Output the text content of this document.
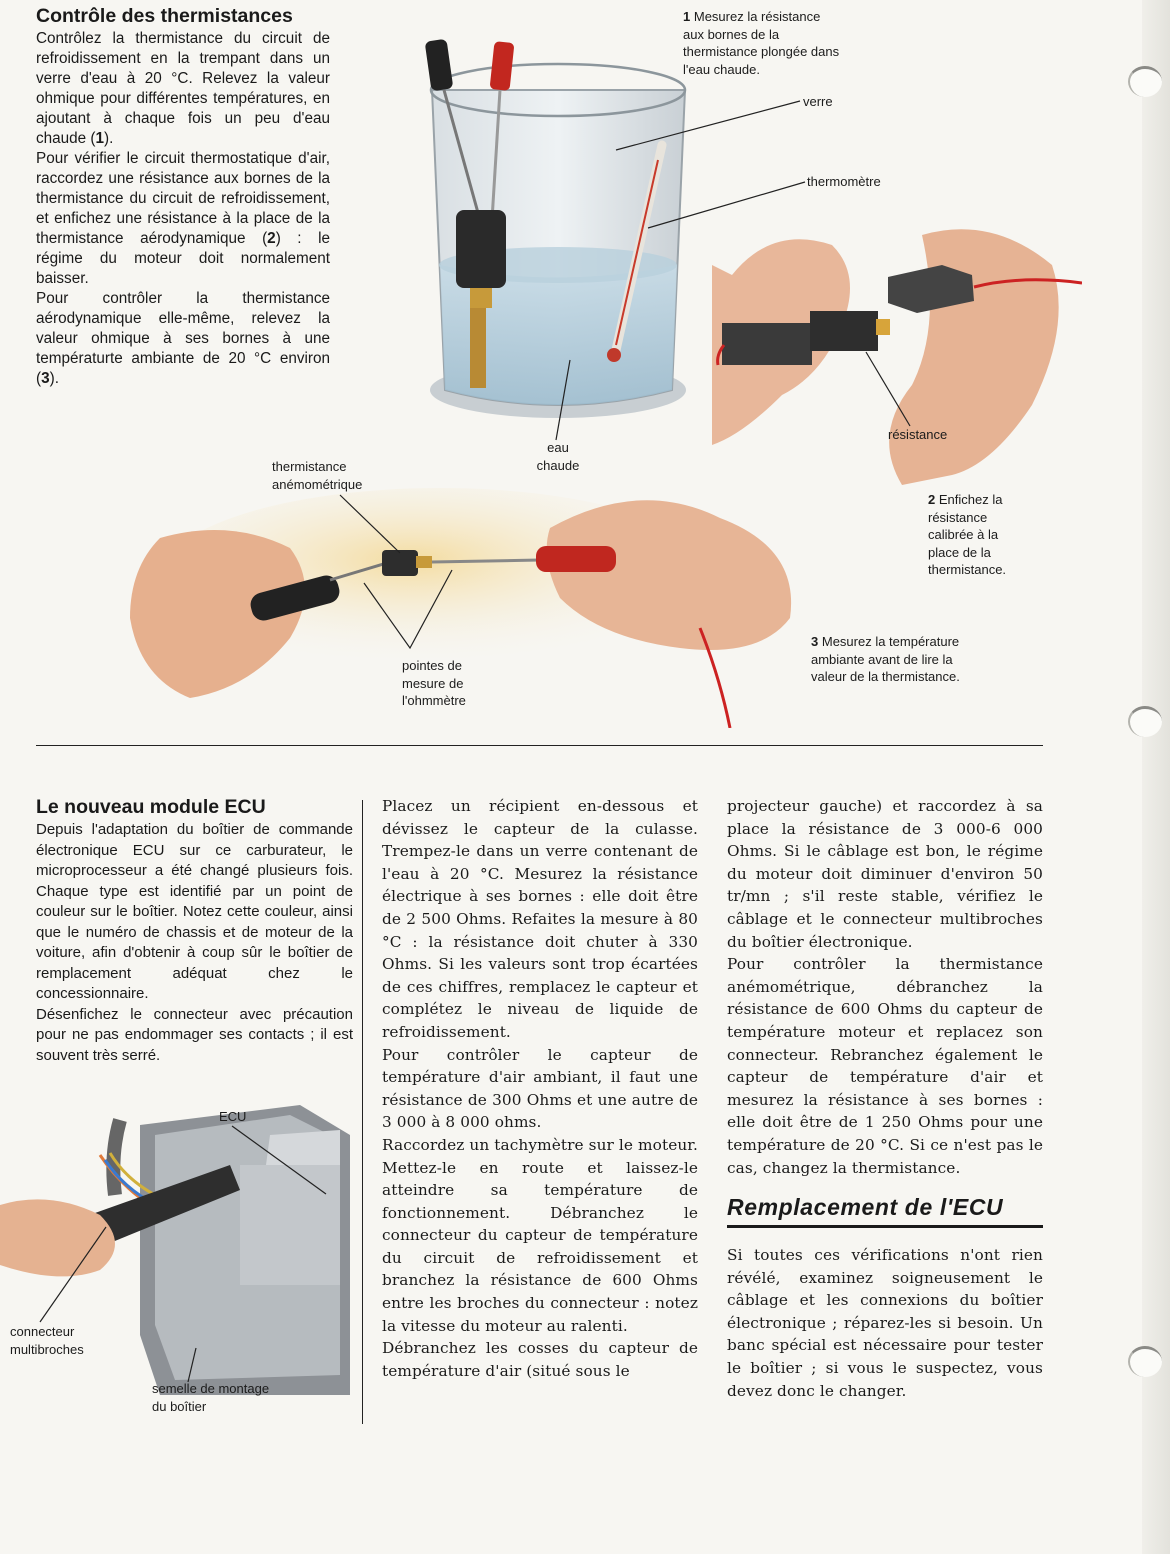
Contrôle des thermistances

Contrôlez la thermistance du circuit de refroidissement en la trempant dans un verre d'eau à 20 °C. Relevez la valeur ohmique pour différentes températures, en ajoutant à chaque fois un peu d'eau chaude (1).

Pour vérifier le circuit thermostatique d'air, raccordez une résistance aux bornes de la thermistance du circuit de refroidissement, et enfichez une résistance à la place de la thermistance aérodynamique (2) : le régime du moteur doit normalement baisser.

Pour contrôler la thermistance aérodynamique elle-même, relevez la valeur ohmique à ses bornes à une températurte ambiante de 20 °C environ (3).

1 Mesurez la résistance aux bornes de la thermistance plongée dans l'eau chaude.
verre
thermomètre
eau chaude
résistance
2 Enfichez la résistance calibrée à la place de la thermistance.
thermistance anémométrique
pointes de mesure de l'ohmmètre
3 Mesurez la température ambiante avant de lire la valeur de la thermistance.
Le nouveau module ECU

Depuis l'adaptation du boîtier de commande électronique ECU sur ce carburateur, le microprocesseur a été changé plusieurs fois. Chaque type est identifié par un point de couleur sur le boîtier. Notez cette couleur, ainsi que le numéro de chassis et de moteur de la voiture, afin d'obtenir à coup sûr le boîtier de remplacement adéquat chez le concessionnaire.

Désenfichez le connecteur avec précaution pour ne pas endommager ses contacts ; il est souvent très serré.

ECU
connecteur multibroches
semelle de montage du boîtier

Placez un récipient en-dessous et dévissez le capteur de la culasse. Trempez-le dans un verre contenant de l'eau à 20 °C. Mesurez la résistance électrique à ses bornes : elle doit être de 2 500 Ohms. Refaites la mesure à 80 °C : la résistance doit chuter à 330 Ohms. Si les valeurs sont trop écartées de ces chiffres, remplacez le capteur et complétez le niveau de liquide de refroidissement.

Pour contrôler le capteur de température d'air ambiant, il faut une résistance de 300 Ohms et une autre de 3 000 à 8 000 ohms.

Raccordez un tachymètre sur le moteur. Mettez-le en route et laissez-le atteindre sa température de fonctionnement. Débranchez le connecteur du capteur de température du circuit de refroidissement et branchez la résistance de 600 Ohms entre les broches du connecteur : notez la vitesse du moteur au ralenti.

Débranchez les cosses du capteur de température d'air (situé sous le

projecteur gauche) et raccordez à sa place la résistance de 3 000-6 000 Ohms. Si le câblage est bon, le régime du moteur doit diminuer d'environ 50 tr/mn ; s'il reste stable, vérifiez le câblage et le connecteur multibroches du boîtier électronique.

Pour contrôler la thermistance anémométrique, débranchez la résistance de 600 Ohms du capteur de température moteur et replacez son connecteur. Rebranchez également le capteur de température d'air et mesurez la résistance à ses bornes : elle doit être de 1 250 Ohms pour une température de 20 °C. Si ce n'est pas le cas, changez la thermistance.

Remplacement de l'ECU

Si toutes ces vérifications n'ont rien révélé, examinez soigneusement le câblage et les connexions du boîtier électronique ; réparez-les si besoin. Un banc spécial est nécessaire pour tester le boîtier ; si vous le suspectez, vous devez donc le changer.
